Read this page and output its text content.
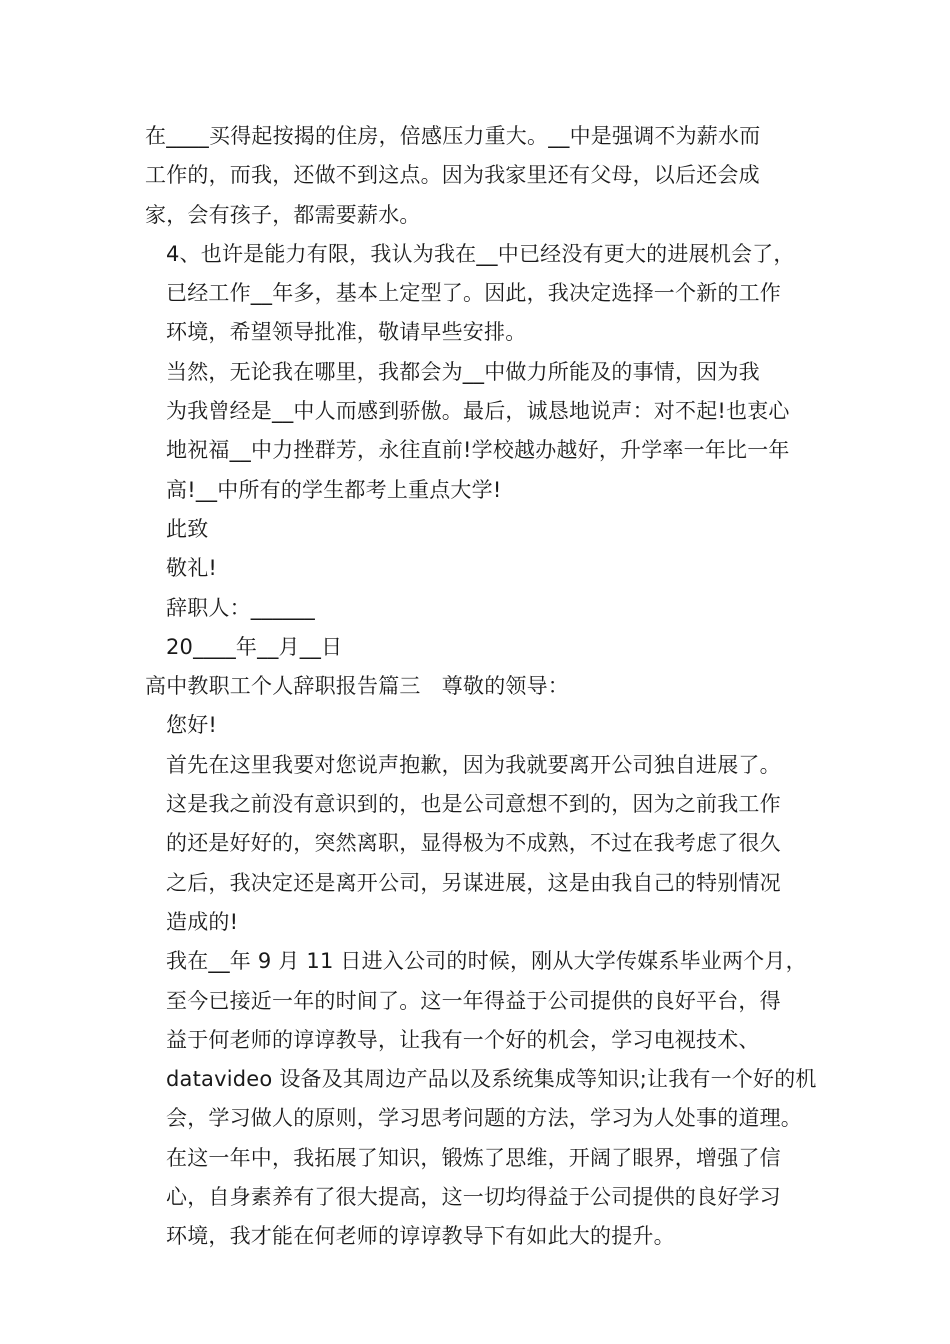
在____买得起按揭的住房，倍感压力重大。__中是强调不为薪水而
工作的，而我，还做不到这点。因为我家里还有父母，以后还会成
家，会有孩子，都需要薪水。

4、也许是能力有限，我认为我在__中已经没有更大的进展机会了，
已经工作__年多，基本上定型了。因此，我决定选择一个新的工作
环境，希望领导批准，敬请早些安排。

当然，无论我在哪里，我都会为__中做力所能及的事情，因为我
为我曾经是__中人而感到骄傲。最后，诚恳地说声：对不起!也衷心
地祝福__中力挫群芳，永往直前!学校越办越好，升学率一年比一年
高!__中所有的学生都考上重点大学!

此致

敬礼!

辞职人：______

20____年__月__日

高中教职工个人辞职报告篇三　尊敬的领导：

您好!

首先在这里我要对您说声抱歉，因为我就要离开公司独自进展了。
这是我之前没有意识到的，也是公司意想不到的，因为之前我工作
的还是好好的，突然离职，显得极为不成熟，不过在我考虑了很久
之后，我决定还是离开公司，另谋进展，这是由我自己的特别情况
造成的!

我在__年 9 月 11 日进入公司的时候，刚从大学传媒系毕业两个月，
至今已接近一年的时间了。这一年得益于公司提供的良好平台，得
益于何老师的谆谆教导，让我有一个好的机会，学习电视技术、
datavideo 设备及其周边产品以及系统集成等知识;让我有一个好的机
会，学习做人的原则，学习思考问题的方法，学习为人处事的道理。
在这一年中，我拓展了知识，锻炼了思维，开阔了眼界，增强了信
心，自身素养有了很大提高，这一切均得益于公司提供的良好学习
环境，我才能在何老师的谆谆教导下有如此大的提升。
